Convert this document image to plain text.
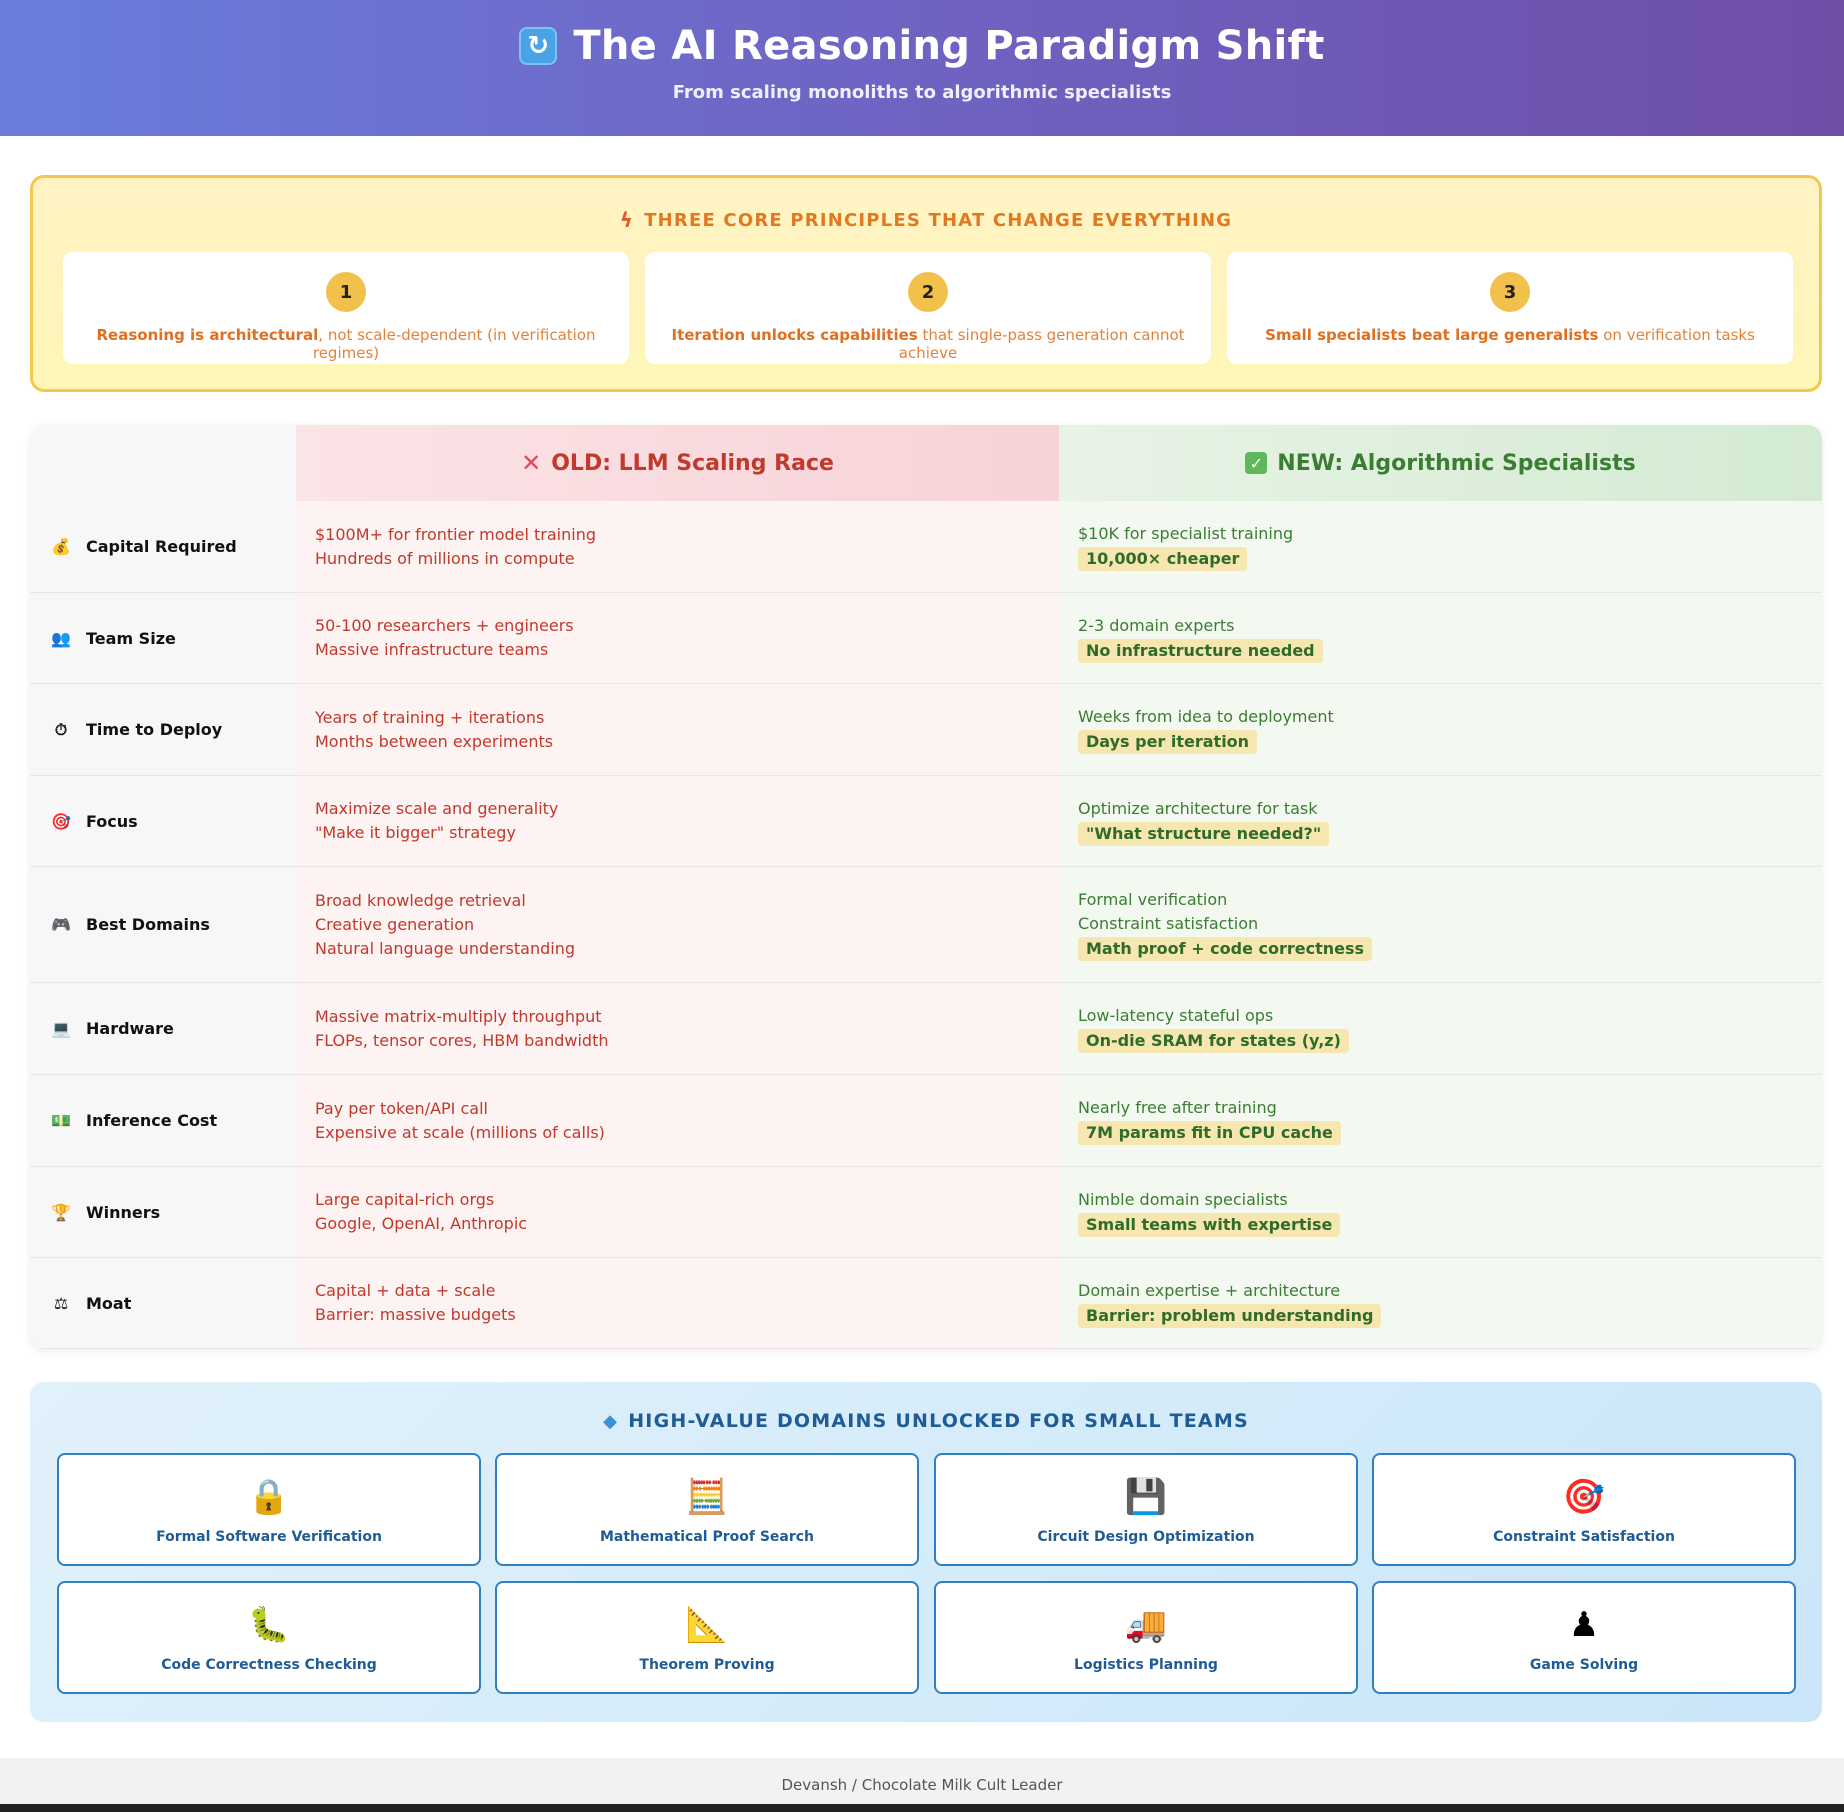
↻ The AI Reasoning Paradigm Shift
From scaling monoliths to algorithmic specialists
ϟ THREE CORE PRINCIPLES THAT CHANGE EVERYTHING
1
Reasoning is architectural, not scale-dependent (in verification regimes)
2
Iteration unlocks capabilities that single-pass generation cannot achieve
3
Small specialists beat large generalists on verification tasks
✕ OLD: LLM Scaling Race	✓ NEW: Algorithmic Specialists
💰 Capital Required
$100M+ for frontier model training
Hundreds of millions in compute
$10K for specialist training
10,000× cheaper
👥 Team Size
50-100 researchers + engineers
Massive infrastructure teams
2-3 domain experts
No infrastructure needed
⏱ Time to Deploy
Years of training + iterations
Months between experiments
Weeks from idea to deployment
Days per iteration
🎯 Focus
Maximize scale and generality
"Make it bigger" strategy
Optimize architecture for task
"What structure needed?"
🎮 Best Domains
Broad knowledge retrieval
Creative generation
Natural language understanding
Formal verification
Constraint satisfaction
Math proof + code correctness
💻 Hardware
Massive matrix-multiply throughput
FLOPs, tensor cores, HBM bandwidth
Low-latency stateful ops
On-die SRAM for states (y,z)
💵 Inference Cost
Pay per token/API call
Expensive at scale (millions of calls)
Nearly free after training
7M params fit in CPU cache
🏆 Winners
Large capital-rich orgs
Google, OpenAI, Anthropic
Nimble domain specialists
Small teams with expertise
⚖ Moat
Capital + data + scale
Barrier: massive budgets
Domain expertise + architecture
Barrier: problem understanding
◆ HIGH-VALUE DOMAINS UNLOCKED FOR SMALL TEAMS
🔒
Formal Software Verification
🧮
Mathematical Proof Search
💾
Circuit Design Optimization
🎯
Constraint Satisfaction
🐛
Code Correctness Checking
📐
Theorem Proving
🚚
Logistics Planning
♟
Game Solving
Devansh / Chocolate Milk Cult Leader
